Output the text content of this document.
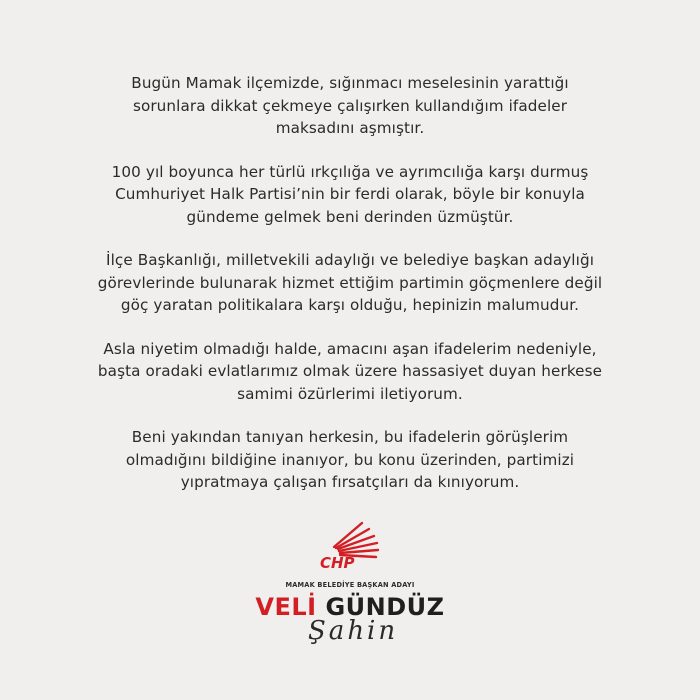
Bugün Mamak ilçemizde, sığınmacı meselesinin yarattığı
sorunlara dikkat çekmeye çalışırken kullandığım ifadeler
maksadını aşmıştır.

100 yıl boyunca her türlü ırkçılığa ve ayrımcılığa karşı durmuş
Cumhuriyet Halk Partisi’nin bir ferdi olarak, böyle bir konuyla
gündeme gelmek beni derinden üzmüştür.

İlçe Başkanlığı, milletvekili adaylığı ve belediye başkan adaylığı
görevlerinde bulunarak hizmet ettiğim partimin göçmenlere değil
göç yaratan politikalara karşı olduğu, hepinizin malumudur.

Asla niyetim olmadığı halde, amacını aşan ifadelerim nedeniyle,
başta oradaki evlatlarımız olmak üzere hassasiyet duyan herkese
samimi özürlerimi iletiyorum.

Beni yakından tanıyan herkesin, bu ifadelerin görüşlerim
olmadığını bildiğine inanıyor, bu konu üzerinden, partimizi
yıpratmaya çalışan fırsatçıları da kınıyorum.

CHP
MAMAK BELEDİYE BAŞKAN ADAYI
VELİ GÜNDÜZ
Şahin
